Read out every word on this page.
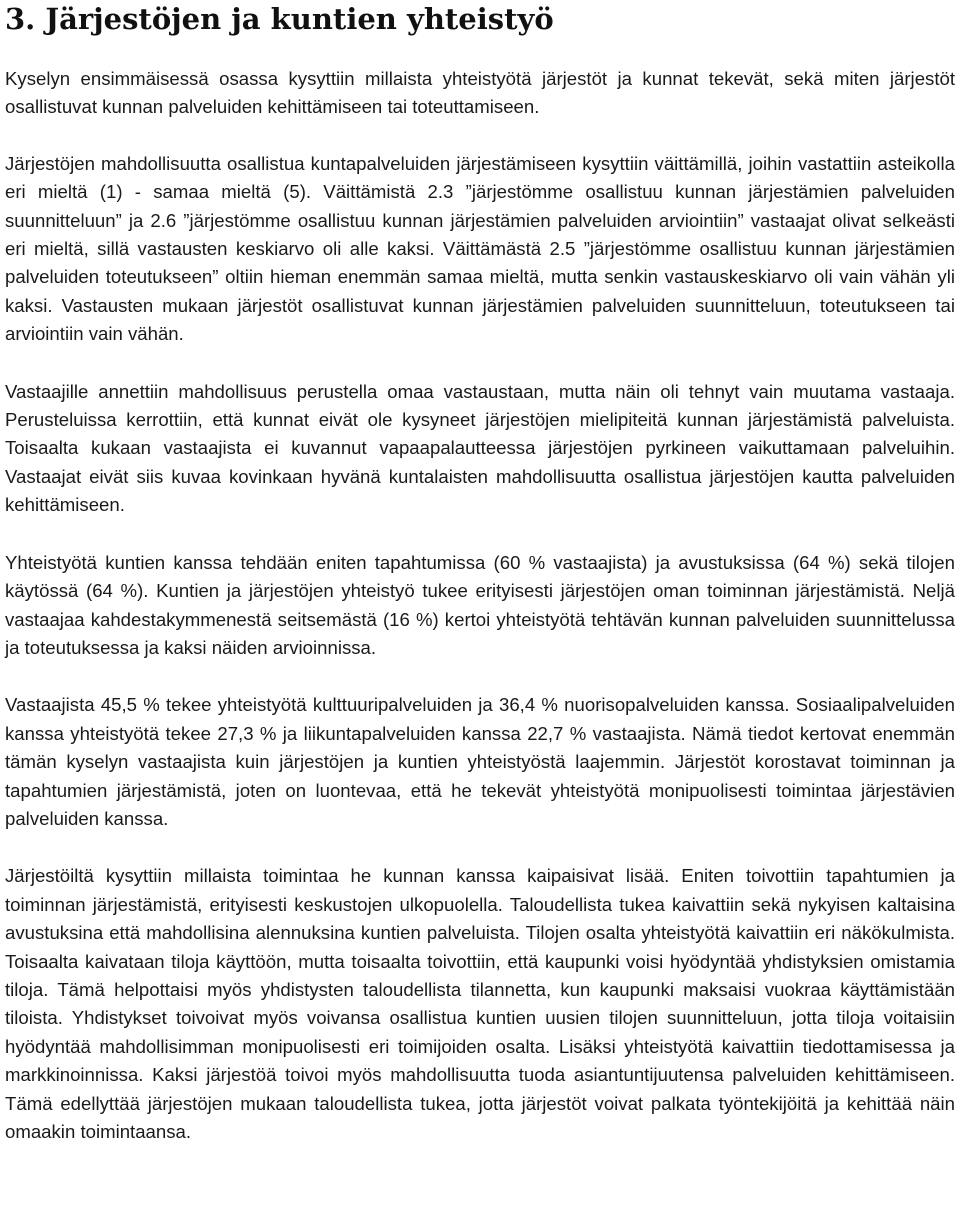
3. Järjestöjen ja kuntien yhteistyö

Kyselyn ensimmäisessä osassa kysyttiin millaista yhteistyötä järjestöt ja kunnat tekevät, sekä miten järjestöt osallistuvat kunnan palveluiden kehittämiseen tai toteuttamiseen.

Järjestöjen mahdollisuutta osallistua kuntapalveluiden järjestämiseen kysyttiin väittämillä, joihin vastattiin asteikolla eri mieltä (1) - samaa mieltä (5). Väittämistä 2.3 ”järjestömme osallistuu kunnan järjestämien palveluiden suunnitteluun” ja 2.6 ”järjestömme osallistuu kunnan järjestämien palveluiden arviointiin” vastaajat olivat selkeästi eri mieltä, sillä vastausten keskiarvo oli alle kaksi. Väittämästä 2.5 ”järjestömme osallistuu kunnan järjestämien palveluiden toteutukseen” oltiin hieman enemmän samaa mieltä, mutta senkin vastauskeskiarvo oli vain vähän yli kaksi. Vastausten mukaan järjestöt osallistuvat kunnan järjestämien palveluiden suunnitteluun, toteutukseen tai arviointiin vain vähän.

Vastaajille annettiin mahdollisuus perustella omaa vastaustaan, mutta näin oli tehnyt vain muutama vastaaja. Perusteluissa kerrottiin, että kunnat eivät ole kysyneet järjestöjen mielipiteitä kunnan järjestämistä palveluista. Toisaalta kukaan vastaajista ei kuvannut vapaapalautteessa järjestöjen pyrkineen vaikuttamaan palveluihin. Vastaajat eivät siis kuvaa kovinkaan hyvänä kuntalaisten mahdollisuutta osallistua järjestöjen kautta palveluiden kehittämiseen.

Yhteistyötä kuntien kanssa tehdään eniten tapahtumissa (60 % vastaajista) ja avustuksissa (64 %) sekä tilojen käytössä (64 %). Kuntien ja järjestöjen yhteistyö tukee erityisesti järjestöjen oman toiminnan järjestämistä. Neljä vastaajaa kahdestakymmenestä seitsemästä (16 %) kertoi yhteistyötä tehtävän kunnan palveluiden suunnittelussa ja toteutuksessa ja kaksi näiden arvioinnissa.

Vastaajista 45,5 % tekee yhteistyötä kulttuuripalveluiden ja 36,4 % nuorisopalveluiden kanssa. Sosiaalipalveluiden kanssa yhteistyötä tekee 27,3 % ja liikuntapalveluiden kanssa 22,7 % vastaajista. Nämä tiedot kertovat enemmän tämän kyselyn vastaajista kuin järjestöjen ja kuntien yhteistyöstä laajemmin. Järjestöt korostavat toiminnan ja tapahtumien järjestämistä, joten on luontevaa, että he tekevät yhteistyötä monipuolisesti toimintaa järjestävien palveluiden kanssa.

Järjestöiltä kysyttiin millaista toimintaa he kunnan kanssa kaipaisivat lisää. Eniten toivottiin tapahtumien ja toiminnan järjestämistä, erityisesti keskustojen ulkopuolella. Taloudellista tukea kaivattiin sekä nykyisen kaltaisina avustuksina että mahdollisina alennuksina kuntien palveluista. Tilojen osalta yhteistyötä kaivattiin eri näkökulmista. Toisaalta kaivataan tiloja käyttöön, mutta toisaalta toivottiin, että kaupunki voisi hyödyntää yhdistyksien omistamia tiloja. Tämä helpottaisi myös yhdistysten taloudellista tilannetta, kun kaupunki maksaisi vuokraa käyttämistään tiloista. Yhdistykset toivoivat myös voivansa osallistua kuntien uusien tilojen suunnitteluun, jotta tiloja voitaisiin hyödyntää mahdollisimman monipuolisesti eri toimijoiden osalta. Lisäksi yhteistyötä kaivattiin tiedottamisessa ja markkinoinnissa. Kaksi järjestöä toivoi myös mahdollisuutta tuoda asiantuntijuutensa palveluiden kehittämiseen. Tämä edellyttää järjestöjen mukaan taloudellista tukea, jotta järjestöt voivat palkata työntekijöitä ja kehittää näin omaakin toimintaansa.
